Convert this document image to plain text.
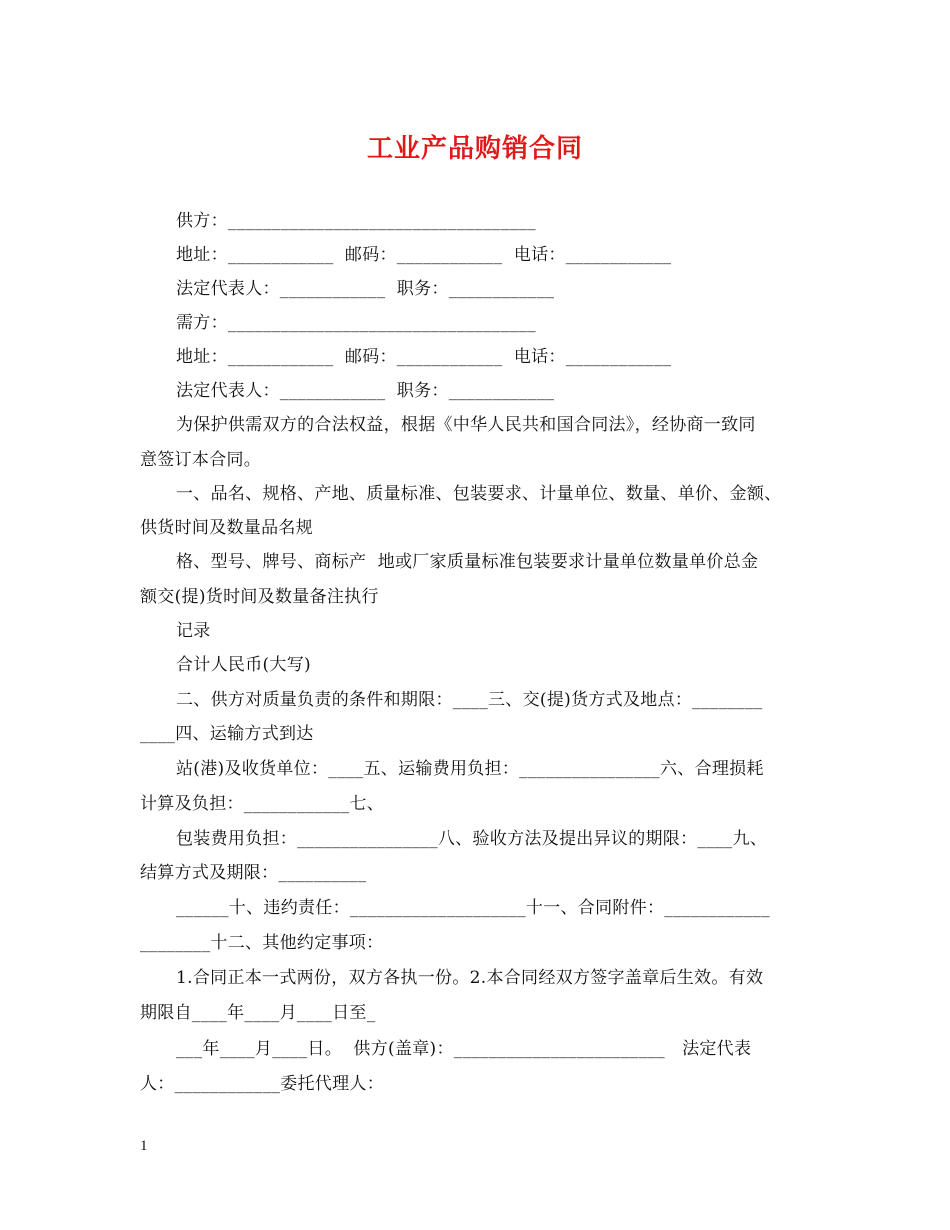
工业产品购销合同
供方：___________________________________
地址：____________  邮码：____________  电话：____________
法定代表人：____________  职务：____________
需方：___________________________________
地址：____________  邮码：____________  电话：____________
法定代表人：____________  职务：____________
为保护供需双方的合法权益，根据《中华人民共和国合同法》，经协商一致同
意签订本合同。
一、品名、规格、产地、质量标准、包装要求、计量单位、数量、单价、金额、
供货时间及数量品名规
格、型号、牌号、商标产  地或厂家质量标准包装要求计量单位数量单价总金
额交(提)货时间及数量备注执行
记录
合计人民币(大写)
二、供方对质量负责的条件和期限：____三、交(提)货方式及地点：________
____四、运输方式到达
站(港)及收货单位：____五、运输费用负担：________________六、合理损耗
计算及负担：____________七、
包装费用负担：________________八、验收方法及提出异议的期限：____九、
结算方式及期限：__________
______十、违约责任：____________________十一、合同附件：____________
________十二、其他约定事项：
1.合同正本一式两份，双方各执一份。2.本合同经双方签字盖章后生效。有效
期限自____年____月____日至_
___年____月____日。  供方(盖章)：________________________   法定代表
人：____________委托代理人：
1
